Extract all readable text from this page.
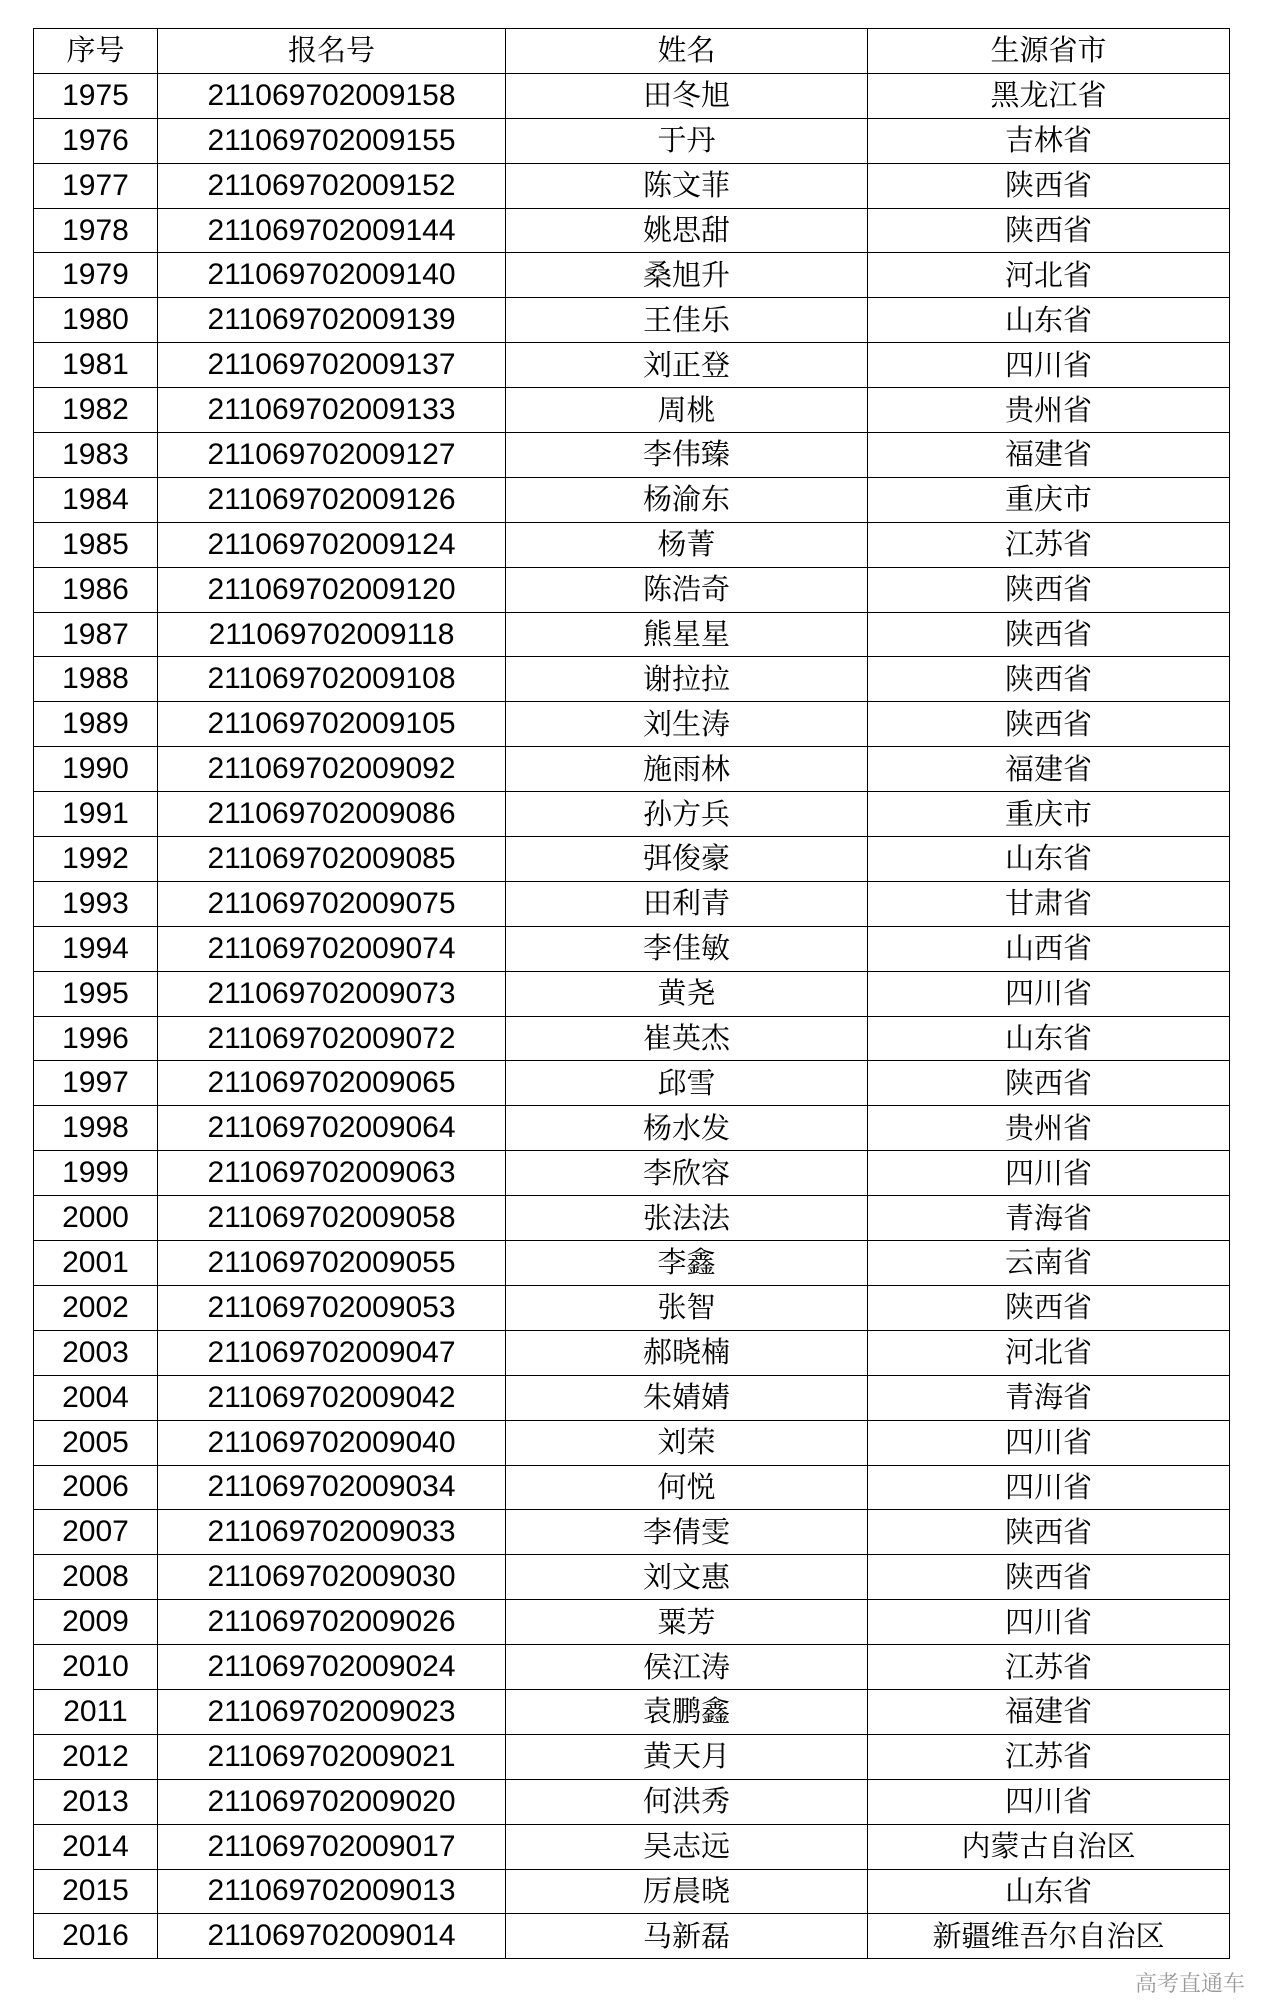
序号	报名号	姓名	生源省市
1975	211069702009158	田冬旭	黑龙江省
1976	211069702009155	于丹	吉林省
1977	211069702009152	陈文菲	陕西省
1978	211069702009144	姚思甜	陕西省
1979	211069702009140	桑旭升	河北省
1980	211069702009139	王佳乐	山东省
1981	211069702009137	刘正登	四川省
1982	211069702009133	周桃	贵州省
1983	211069702009127	李伟臻	福建省
1984	211069702009126	杨渝东	重庆市
1985	211069702009124	杨菁	江苏省
1986	211069702009120	陈浩奇	陕西省
1987	211069702009118	熊星星	陕西省
1988	211069702009108	谢拉拉	陕西省
1989	211069702009105	刘生涛	陕西省
1990	211069702009092	施雨林	福建省
1991	211069702009086	孙方兵	重庆市
1992	211069702009085	弭俊豪	山东省
1993	211069702009075	田利青	甘肃省
1994	211069702009074	李佳敏	山西省
1995	211069702009073	黄尧	四川省
1996	211069702009072	崔英杰	山东省
1997	211069702009065	邱雪	陕西省
1998	211069702009064	杨水发	贵州省
1999	211069702009063	李欣容	四川省
2000	211069702009058	张法法	青海省
2001	211069702009055	李鑫	云南省
2002	211069702009053	张智	陕西省
2003	211069702009047	郝晓楠	河北省
2004	211069702009042	朱婧婧	青海省
2005	211069702009040	刘荣	四川省
2006	211069702009034	何悦	四川省
2007	211069702009033	李倩雯	陕西省
2008	211069702009030	刘文惠	陕西省
2009	211069702009026	粟芳	四川省
2010	211069702009024	侯江涛	江苏省
2011	211069702009023	袁鹏鑫	福建省
2012	211069702009021	黄天月	江苏省
2013	211069702009020	何洪秀	四川省
2014	211069702009017	吴志远	内蒙古自治区
2015	211069702009013	厉晨晓	山东省
2016	211069702009014	马新磊	新疆维吾尔自治区
高考直通车
